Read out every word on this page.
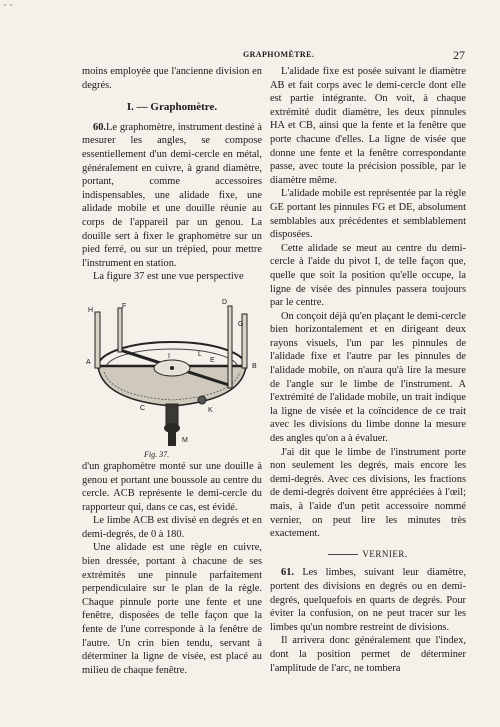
′ ′
GRAPHOMÈTRE.	27

moins employée que l'ancienne division en degrés.

I. — Graphomètre.

60.Le graphomètre, instrument destiné à mesurer les angles, se compose essentiellement d'un demi-cercle en métal, généralement en cuivre, à grand diamètre, portant, comme accessoires indispensables, une alidade fixe, une alidade mobile et une douille réunie au corps de l'appareil par un genou. La douille sert à fixer le graphomètre sur un pied ferré, ou sur un trépied, pour mettre l'instrument en station.

La figure 37 est une vue perspective

H
F
D
G
A
I
E
L
B
C	K
M
Fig. 37.

d'un graphomètre monté sur une douille à genou et portant une boussole au centre du cercle. ACB représente le demi-cercle du rapporteur qui, dans ce cas, est évidé.

Le limbe ACB est divisé en degrés et en demi-degrés, de 0 à 180.

Une alidade est une règle en cuivre, bien dressée, portant à chacune de ses extrémités une pinnule parfaitement perpendiculaire sur le plan de la règle. Chaque pinnule porte une fente et une fenêtre, disposées de telle façon que la fente de l'une corresponde à la fenêtre de l'autre. Un crin bien tendu, servant à déterminer la ligne de visée, est placé au milieu de chaque fenêtre.

L'alidade fixe est posée suivant le diamètre AB et fait corps avec le demi-cercle dont elle est partie intégrante. On voit, à chaque extrémité dudit diamètre, les deux pinnules HA et CB, ainsi que la fente et la fenêtre que porte chacune d'elles. La ligne de visée que donne une fente et la fenêtre correspondante passe, avec toute la précision possible, par le diamètre même.

L'alidade mobile est représentée par la règle GE portant les pinnules FG et DE, absolument semblables aux précédentes et semblablement disposées.

Cette alidade se meut au centre du demi-cercle à l'aide du pivot I, de telle façon que, quelle que soit la position qu'elle occupe, la ligne de visée des pinnules passera toujours par le centre.

On conçoit déjà qu'en plaçant le demi-cercle bien horizontalement et en dirigeant deux rayons visuels, l'un par les pinnules de l'alidade fixe et l'autre par les pinnules de l'alidade mobile, on n'aura qu'à lire la mesure de l'angle sur le limbe de l'instrument. A l'extrémité de l'alidade mobile, un trait indique la ligne de visée et la coïncidence de ce trait avec les divisions du limbe donne la mesure des angles qu'on a à évaluer.

J'ai dit que le limbe de l'instrument porte non seulement les degrés, mais encore les demi-degrés. Avec ces divisions, les fractions de demi-degrés doivent être appréciées à l'œil; mais, à l'aide d'un petit accessoire nommé vernier, on peut lire les minutes très exactement.

VERNIER.

61. Les limbes, suivant leur diamètre, portent des divisions en degrés ou en demi-degrés, quelquefois en quarts de degrés. Pour éviter la confusion, on ne peut tracer sur les limbes qu'un nombre restreint de divisions.

Il arrivera donc généralement que l'index, dont la position permet de déterminer l'amplitude de l'arc, ne tombera
